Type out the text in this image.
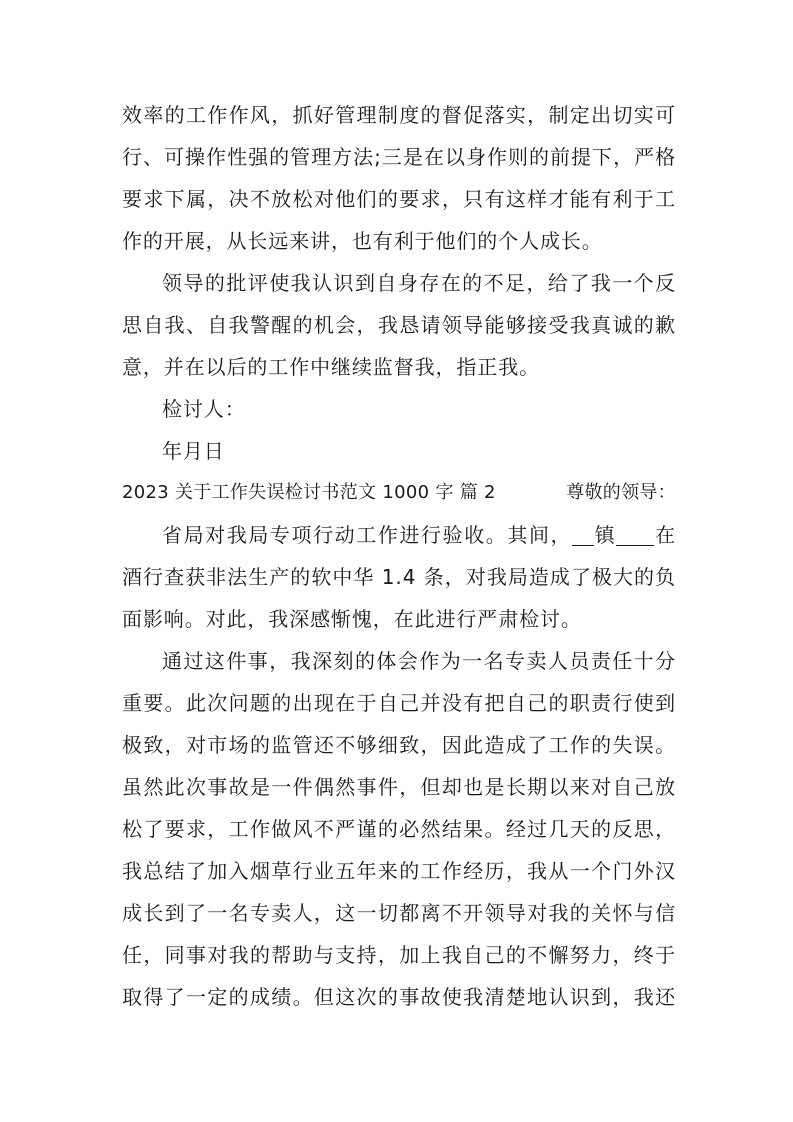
效率的工作作风，抓好管理制度的督促落实，制定出切实可
行、可操作性强的管理方法;三是在以身作则的前提下，严格
要求下属，决不放松对他们的要求，只有这样才能有利于工
作的开展，从长远来讲，也有利于他们的个人成长。
领导的批评使我认识到自身存在的不足，给了我一个反
思自我、自我警醒的机会，我恳请领导能够接受我真诚的歉
意，并在以后的工作中继续监督我，指正我。
检讨人：
年月日
2023 关于工作失误检讨书范文 1000 字 篇 2	尊敬的领导：
省局对我局专项行动工作进行验收。其间， 镇 在
酒行查获非法生产的软中华 1.4 条，对我局造成了极大的负
面影响。对此，我深感惭愧，在此进行严肃检讨。
通过这件事，我深刻的体会作为一名专卖人员责任十分
重要。此次问题的出现在于自己并没有把自己的职责行使到
极致，对市场的监管还不够细致，因此造成了工作的失误。
虽然此次事故是一件偶然事件，但却也是长期以来对自己放
松了要求，工作做风不严谨的必然结果。经过几天的反思，
我总结了加入烟草行业五年来的工作经历，我从一个门外汉
成长到了一名专卖人，这一切都离不开领导对我的关怀与信
任，同事对我的帮助与支持，加上我自己的不懈努力，终于
取得了一定的成绩。但这次的事故使我清楚地认识到，我还
